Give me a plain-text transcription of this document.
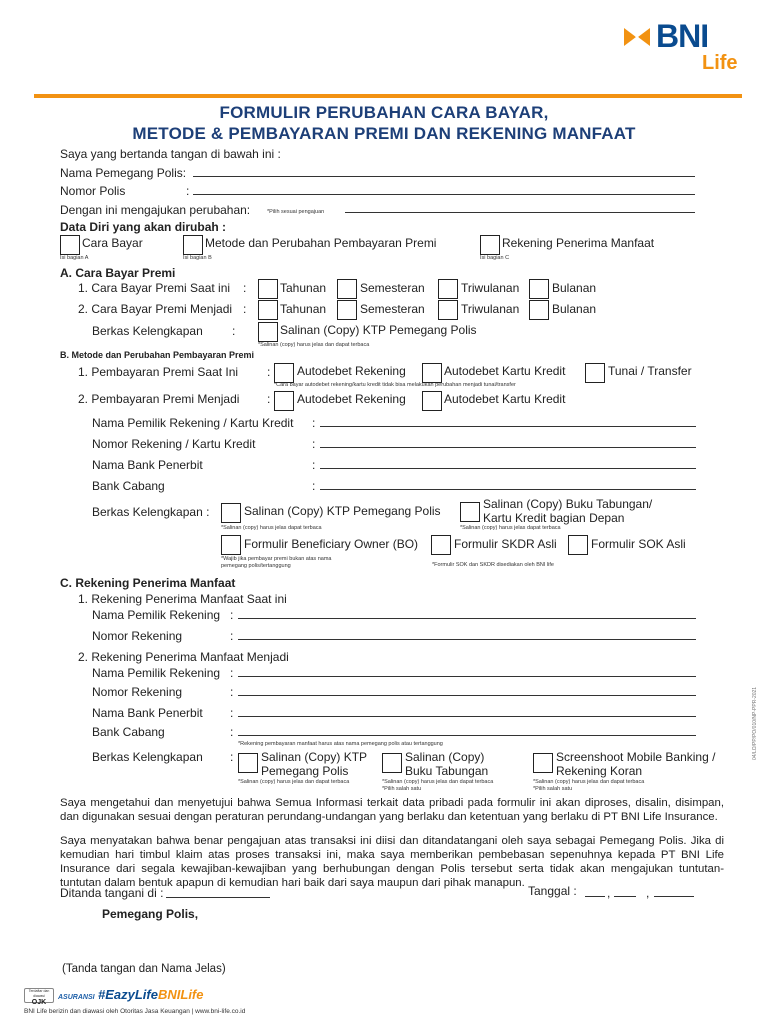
BNI
Life
FORMULIR PERUBAHAN CARA BAYAR,
METODE & PEMBAYARAN PREMI DAN REKENING MANFAAT
Saya yang bertanda tangan di bawah ini :
Nama Pemegang Polis:
Nomor Polis	:
Dengan ini mengajukan perubahan:	*Pilih sesuai pengajuan
Data Diri yang akan dirubah :
Cara Bayar
Isi bagian A
Metode dan Perubahan Pembayaran Premi
Isi bagian B
Rekening Penerima Manfaat
Isi bagian C
A. Cara Bayar Premi
1. Cara Bayar Premi Saat ini :	Tahunan	Semesteran	Triwulanan	Bulanan
2. Cara Bayar Premi Menjadi :	Tahunan	Semesteran	Triwulanan	Bulanan
Berkas Kelengkapan :	Salinan (Copy) KTP Pemegang Polis
*Salinan (copy) harus jelas dan dapat terbaca
B. Metode dan Perubahan Pembayaran Premi
1. Pembayaran Premi Saat Ini : Autodebet Rekening	Autodebet Kartu Kredit	Tunai / Transfer
*Cara bayar autodebet rekening/kartu kredit tidak bisa melakukan perubahan menjadi tunai/transfer
2. Pembayaran Premi Menjadi : Autodebet Rekening	Autodebet Kartu Kredit
Nama Pemilik Rekening / Kartu Kredit :
Nomor Rekening / Kartu Kredit	:
Nama Bank Penerbit	:
Bank Cabang	:
Berkas Kelengkapan :	Salinan (Copy) KTP Pemegang Polis
*Salinan (copy) harus jelas dapat terbaca
Salinan (Copy) Buku Tabungan/
Kartu Kredit bagian Depan
*Salinan (copy) harus jelas dapat terbaca
Formulir Beneficiary Owner (BO)
*Wajib jika pembayar premi bukan atas nama
pemegang polis/tertanggung
Formulir SKDR Asli	Formulir SOK Asli
*Formulir SOK dan SKDR disediakan oleh BNI life
C. Rekening Penerima Manfaat
1. Rekening Penerima Manfaat Saat ini
Nama Pemilik Rekening :
Nomor Rekening	:
2. Rekening Penerima Manfaat Menjadi
Nama Pemilik Rekening :
Nomor Rekening	:
Nama Bank Penerbit :
Bank Cabang	:
*Rekening pembayaran manfaat harus atas nama pemegang polis atau tertanggung
Berkas Kelengkapan : Salinan (Copy) KTP
Pemegang Polis
*Salinan (copy) harus jelas dan dapat terbaca
Salinan (Copy)
Buku Tabungan
*Salinan (copy) harus jelas dan dapat terbaca
*Pilih salah satu
Screenshoot Mobile Banking /
Rekening Koran
*Salinan (copy) harus jelas dan dapat terbaca
*Pilih salah satu
Saya mengetahui dan menyetujui bahwa Semua Informasi terkait data pribadi pada formulir ini akan diproses, disalin, disimpan, dan digunakan sesuai dengan peraturan perundang-undangan yang berlaku dan ketentuan yang berlaku di PT BNI Life Insurance.
Saya menyatakan bahwa benar pengajuan atas transaksi ini diisi dan ditandatangani oleh saya sebagai Pemegang Polis. Jika di kemudian hari timbul klaim atas proses transaksi ini, maka saya memberikan pembebasan sepenuhnya kepada PT BNI Life Insurance dari segala kewajiban-kewajiban yang berhubungan dengan Polis tersebut serta tidak akan mengajukan tuntutan-tuntutan dalam bentuk apapun di kemudian hari baik dari saya maupun dari pihak manapun.
Ditanda tangani di :	Tanggal :	,	,
Pemegang Polis,
(Tanda tangan dan Nama Jelas)
Terdaftar dan diawasi
OJK
ASURANSI #EazyLifeBNILife
BNI Life berizin dan diawasi oleh Otoritas Jasa Keuangan | www.bni-life.co.id
04/LO/PP/PO/010/NP-PPR-2021
